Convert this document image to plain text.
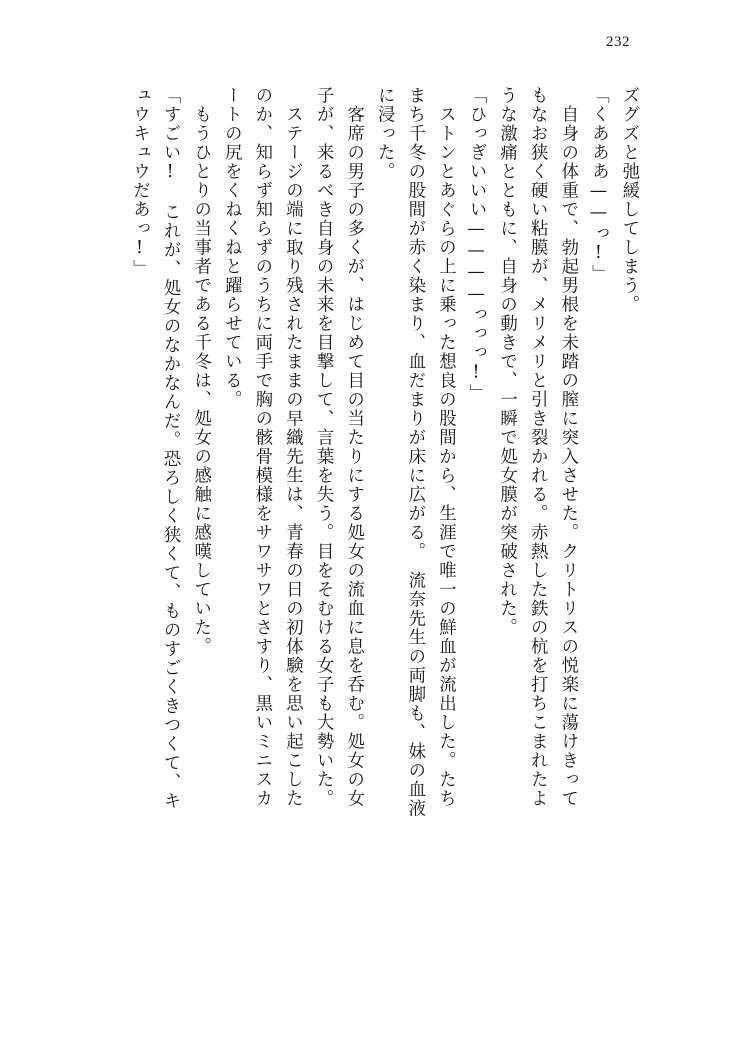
232
ズグズと弛緩してしまう。
「くあああ——っ!」
　自身の体重で、勃起男根を未踏の膣に突入させた。クリトリスの悦楽に蕩けきって
もなお狭く硬い粘膜が、メリメリと引き裂かれる。赤熱した鉄の杭を打ちこまれたよ
うな激痛とともに、自身の動きで、一瞬で処女膜が突破された。
「ひっぎいいい————っっっ!」
　ストンとあぐらの上に乗った想良の股間から、生涯で唯一の鮮血が流出した。たち
まち千冬の股間が赤く染まり、血だまりが床に広がる。　流奈先生の両脚も、妹の血液
に浸った。
　客席の男子の多くが、はじめて目の当たりにする処女の流血に息を呑む。処女の女
子が、来るべき自身の未来を目撃して、言葉を失う。目をそむける女子も大勢いた。
　ステージの端に取り残されたままの早織先生は、青春の日の初体験を思い起こした
のか、知らず知らずのうちに両手で胸の骸骨模様をサワサワとさすり、黒いミニスカ
ートの尻をくねくねと躍らせている。
　もうひとりの当事者である千冬は、処女の感触に感嘆していた。
「すごい!　これが、処女のなかなんだ。恐ろしく狭くて、ものすごくきつくて、キ
ュウキュウだあっ!」
